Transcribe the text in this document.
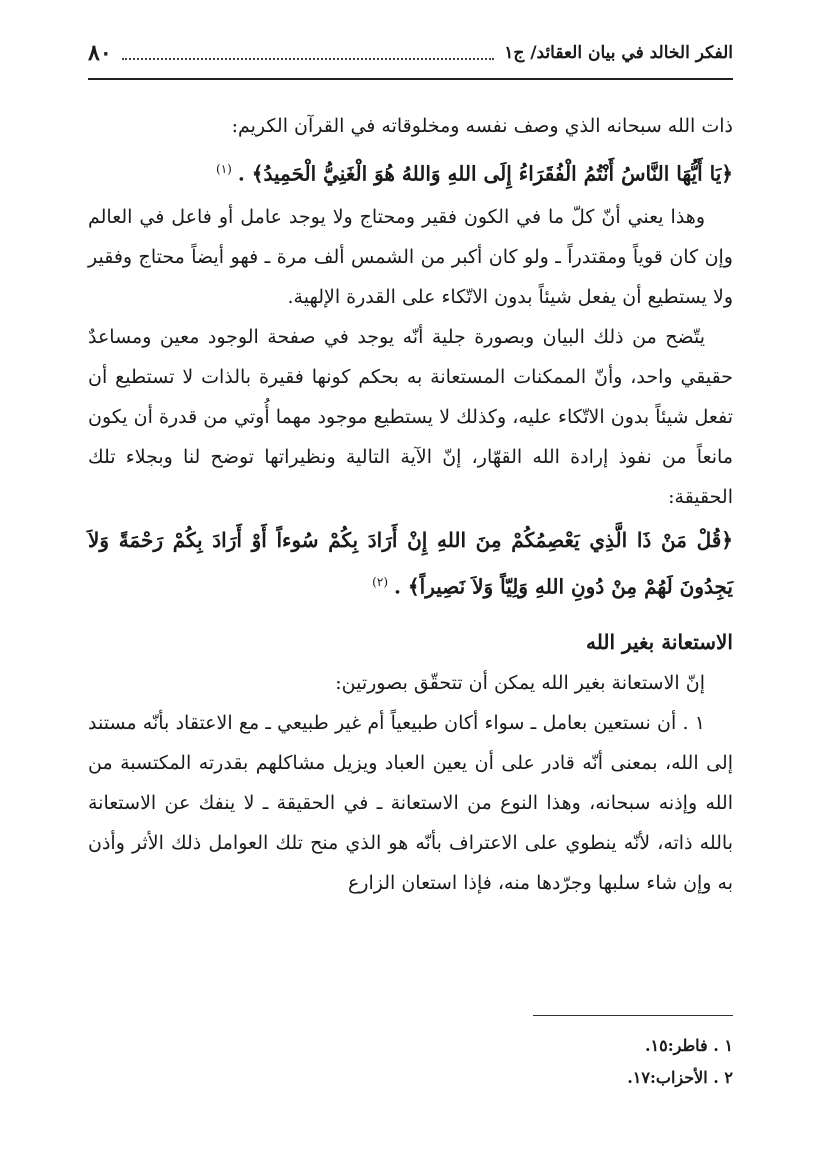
٨٠	الفكر الخالد في بيان العقائد/ ج١

ذات الله سبحانه الذي وصف نفسه ومخلوقاته في القرآن الكريم:

﴿يَا أَيُّهَا النَّاسُ أَنْتُمُ الْفُقَرَاءُ إِلَى اللهِ وَاللهُ هُوَ الْغَنِيُّ الْحَمِيدُ﴾ .$^{(١)}$

وهذا يعني أنّ كلّ ما في الكون فقير ومحتاج ولا يوجد عامل أو فاعل في العالم وإن كان قوياً ومقتدراً ـ ولو كان أكبر من الشمس ألف مرة ـ فهو أيضاً محتاج وفقير ولا يستطيع أن يفعل شيئاً بدون الاتّكاء على القدرة الإلهية.

يتّضح من ذلك البيان وبصورة جلية أنّه يوجد في صفحة الوجود معين ومساعدٌ حقيقي واحد، وأنّ الممكنات المستعانة به بحكم كونها فقيرة بالذات لا تستطيع أن تفعل شيئاً بدون الاتّكاء عليه، وكذلك لا يستطيع موجود مهما أُوتي من قدرة أن يكون مانعاً من نفوذ إرادة الله القهّار، إنّ الآية التالية ونظيراتها توضح لنا وبجلاء تلك الحقيقة:

﴿قُلْ مَنْ ذَا الَّذِي يَعْصِمُكُمْ مِنَ اللهِ إِنْ أَرَادَ بِكُمْ سُوءاً أَوْ أَرَادَ بِكُمْ رَحْمَةً وَلاَ يَجِدُونَ لَهُمْ مِنْ دُونِ اللهِ وَلِيّاً وَلاَ نَصِيراً﴾ .$^{(٢)}$

الاستعانة بغير الله

إنّ الاستعانة بغير الله يمكن أن تتحقّق بصورتين:

١ . أن نستعين بعامل ـ سواء أكان طبيعياً أم غير طبيعي ـ مع الاعتقاد بأنّه مستند إلى الله، بمعنى أنّه قادر على أن يعين العباد ويزيل مشاكلهم بقدرته المكتسبة من الله وإذنه سبحانه، وهذا النوع من الاستعانة ـ في الحقيقة ـ لا ينفك عن الاستعانة بالله ذاته، لأنّه ينطوي على الاعتراف بأنّه هو الذي منح تلك العوامل ذلك الأثر وأذن به وإن شاء سلبها وجرّدها منه، فإذا استعان الزارع

١ . فاطر:١٥.

٢ . الأحزاب:١٧.
